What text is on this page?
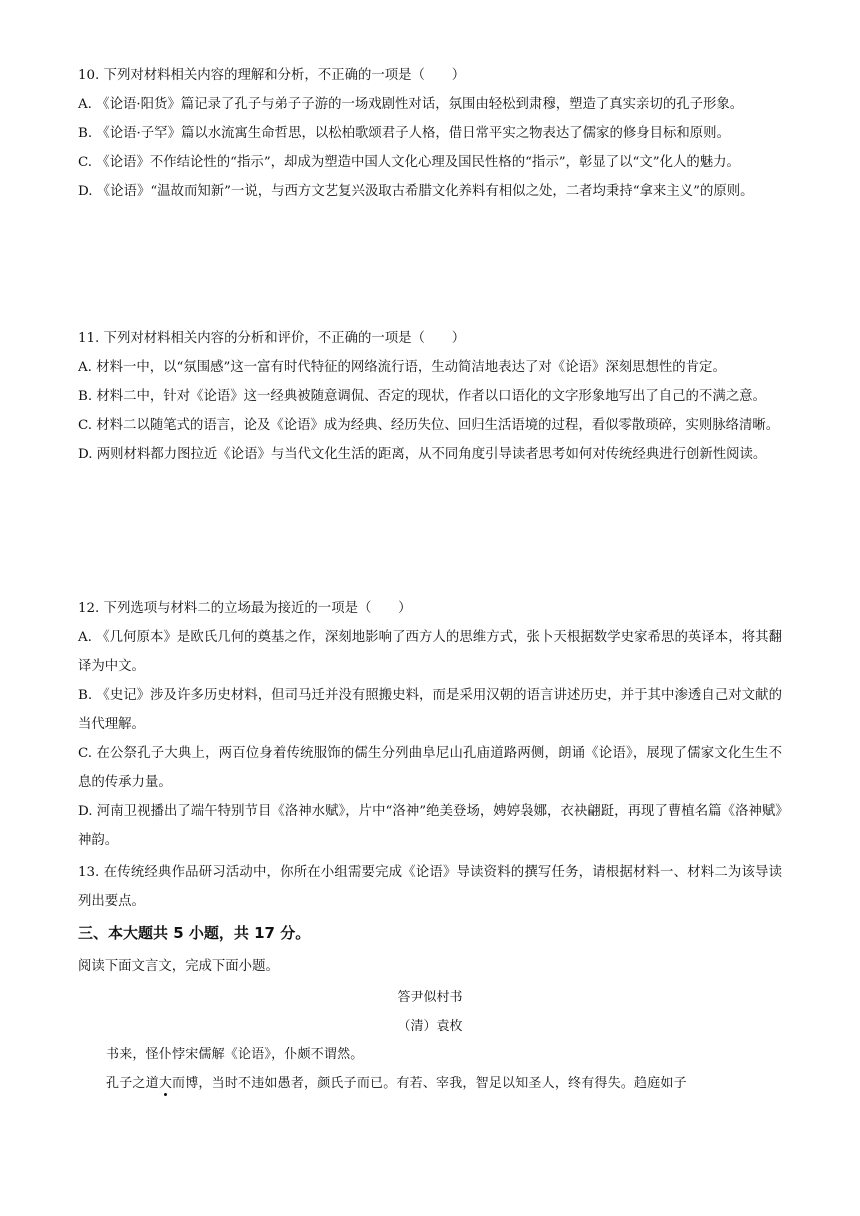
10. 下列对材料相关内容的理解和分析，不正确的一项是（　　）

A. 《论语·阳货》篇记录了孔子与弟子子游的一场戏剧性对话，氛围由轻松到肃穆，塑造了真实亲切的孔子形象。

B. 《论语·子罕》篇以水流寓生命哲思，以松柏歌颂君子人格，借日常平实之物表达了儒家的修身目标和原则。

C. 《论语》不作结论性的“指示”，却成为塑造中国人文化心理及国民性格的“指示”，彰显了以“文”化人的魅力。

D. 《论语》“温故而知新”一说，与西方文艺复兴汲取古希腊文化养料有相似之处，二者均秉持“拿来主义”的原则。

11. 下列对材料相关内容的分析和评价，不正确的一项是（　　）

A. 材料一中，以“氛围感”这一富有时代特征的网络流行语，生动简洁地表达了对《论语》深刻思想性的肯定。

B. 材料二中，针对《论语》这一经典被随意调侃、否定的现状，作者以口语化的文字形象地写出了自己的不满之意。

C. 材料二以随笔式的语言，论及《论语》成为经典、经历失位、回归生活语境的过程，看似零散琐碎，实则脉络清晰。

D. 两则材料都力图拉近《论语》与当代文化生活的距离，从不同角度引导读者思考如何对传统经典进行创新性阅读。

12. 下列选项与材料二的立场最为接近的一项是（　　）

A. 《几何原本》是欧氏几何的奠基之作，深刻地影响了西方人的思维方式，张卜天根据数学史家希思的英译本，将其翻译为中文。

B. 《史记》涉及许多历史材料，但司马迁并没有照搬史料，而是采用汉朝的语言讲述历史，并于其中渗透自己对文献的当代理解。

C. 在公祭孔子大典上，两百位身着传统服饰的儒生分列曲阜尼山孔庙道路两侧，朗诵《论语》，展现了儒家文化生生不息的传承力量。

D. 河南卫视播出了端午特别节目《洛神水赋》，片中“洛神”绝美登场，娉婷袅娜，衣袂翩跹，再现了曹植名篇《洛神赋》神韵。

13. 在传统经典作品研习活动中，你所在小组需要完成《论语》导读资料的撰写任务，请根据材料一、材料二为该导读列出要点。

三、本大题共 5 小题，共 17 分。

阅读下面文言文，完成下面小题。

答尹似村书

（清）袁枚

书来，怪仆悖宋儒解《论语》，仆颇不谓然。

孔子之道大而博，当时不违如愚者，颜氏子而已。有若、宰我，智足以知圣人，终有得失。趋庭如子
